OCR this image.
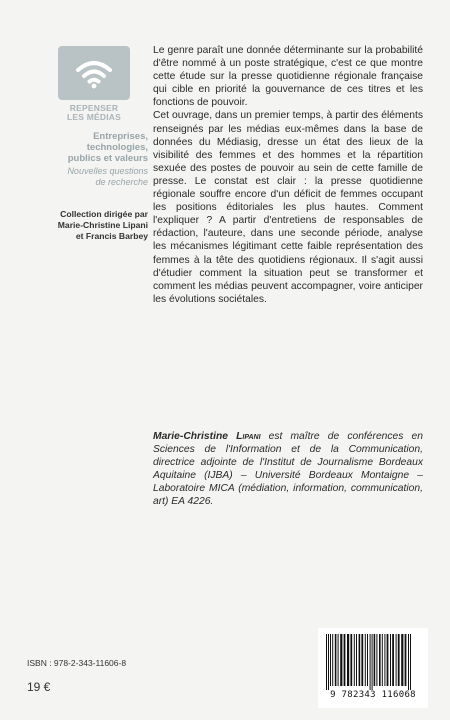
REPENSER
LES MÉDIAS
Entreprises,
technologies,
publics et valeurs
Nouvelles questions
de recherche
Collection dirigée par
Marie-Christine Lipani
et Francis Barbey

Le genre paraît une donnée déterminante sur la probabilité d'être nommé à un poste stratégique, c'est ce que montre cette étude sur la presse quotidienne régionale française qui cible en priorité la gouvernance de ces titres et les fonctions de pouvoir.

Cet ouvrage, dans un premier temps, à partir des éléments renseignés par les médias eux-mêmes dans la base de données du Médiasig, dresse un état des lieux de la visibilité des femmes et des hommes et la répartition sexuée des postes de pouvoir au sein de cette famille de presse. Le constat est clair : la presse quotidienne régionale souffre encore d'un déficit de femmes occupant les positions éditoriales les plus hautes. Comment l'expliquer ? A partir d'entretiens de responsables de rédaction, l'auteure, dans une seconde période, analyse les mécanismes légitimant cette faible représentation des femmes à la tête des quotidiens régionaux. Il s'agit aussi d'étudier comment la situation peut se transformer et comment les médias peuvent accompagner, voire anticiper les évolutions sociétales.

Marie-Christine Lipani est maître de conférences en Sciences de l'Information et de la Communication, directrice adjointe de l'Institut de Journalisme Bordeaux Aquitaine (IJBA) – Université Bordeaux Montaigne – Laboratoire MICA (médiation, information, communication, art) EA 4226.
ISBN : 978-2-343-11606-8
19 €
9 782343 116068
